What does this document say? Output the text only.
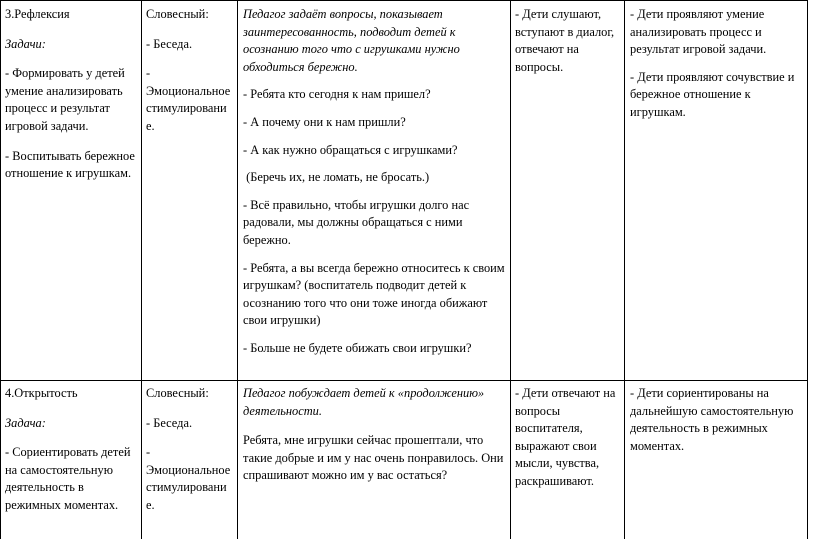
3.Рефлексия

Задачи:

- Формировать у детей умение анализировать процесс и результат игровой задачи.

- Воспитывать бережное отношение к игрушкам.

Словесный:

- Беседа.

- Эмоциональное стимулировани е.

Педагог задаёт вопросы, показывает заинтересованность, подводит детей к осознанию того что с игрушками нужно обходиться бережно.

- Ребята кто сегодня к нам пришел?

- А почему они к нам пришли?

- А как нужно обращаться с игрушками?

(Беречь их, не ломать, не бросать.)

- Всё правильно, чтобы игрушки долго нас радовали, мы должны обращаться с ними бережно.

- Ребята, а вы всегда бережно относитесь к своим игрушкам? (воспитатель подводит детей к осознанию того что они тоже иногда обижают свои игрушки)

- Больше не будете обижать свои игрушки?

- Дети слушают, вступают в диалог, отвечают на вопросы.

- Дети проявляют умение анализировать процесс и результат игровой задачи.

- Дети проявляют сочувствие и бережное отношение к игрушкам.

4.Открытость

Задача:

- Сориентировать детей на самостоятельную деятельность в режимных моментах.

Словесный:

- Беседа.

- Эмоциональное стимулировани е.

Педагог побуждает детей к «продолжению» деятельности.

Ребята, мне игрушки сейчас прошептали, что такие добрые и им у нас очень понравилось. Они спрашивают можно им у вас остаться?

- Дети отвечают на вопросы воспитателя, выражают свои мысли, чувства, раскрашивают.

- Дети сориентированы на дальнейшую самостоятельную деятельность в режимных моментах.
